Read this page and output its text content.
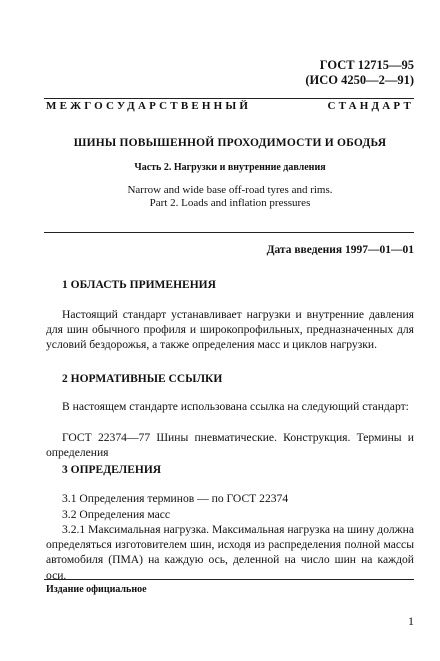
ГОСТ 12715—95
(ИСО 4250—2—91)
МЕЖГОСУДАРСТВЕННЫЙ	СТАНДАРТ
ШИНЫ ПОВЫШЕННОЙ ПРОХОДИМОСТИ И ОБОДЬЯ
Часть 2. Нагрузки и внутренние давления
Narrow and wide base off-road tyres and rims.
Part 2. Loads and inflation pressures
Дата введения 1997—01—01
1 ОБЛАСТЬ ПРИМЕНЕНИЯ
Настоящий стандарт устанавливает нагрузки и внутренние давления для шин обычного профиля и широкопрофильных, предназначенных для условий бездорожья, а также определения масс и циклов нагрузки.
2 НОРМАТИВНЫЕ ССЫЛКИ
В настоящем стандарте использована ссылка на следующий стандарт:
ГОСТ 22374—77 Шины пневматические. Конструкция. Термины и определения
3 ОПРЕДЕЛЕНИЯ
3.1 Определения терминов — по ГОСТ 22374
3.2 Определения масс
3.2.1 Максимальная нагрузка. Максимальная нагрузка на шину должна определяться изготовителем шин, исходя из распределения полной массы автомобиля (ПМА) на каждую ось, деленной на число шин на каждой оси.
Издание официальное
1
